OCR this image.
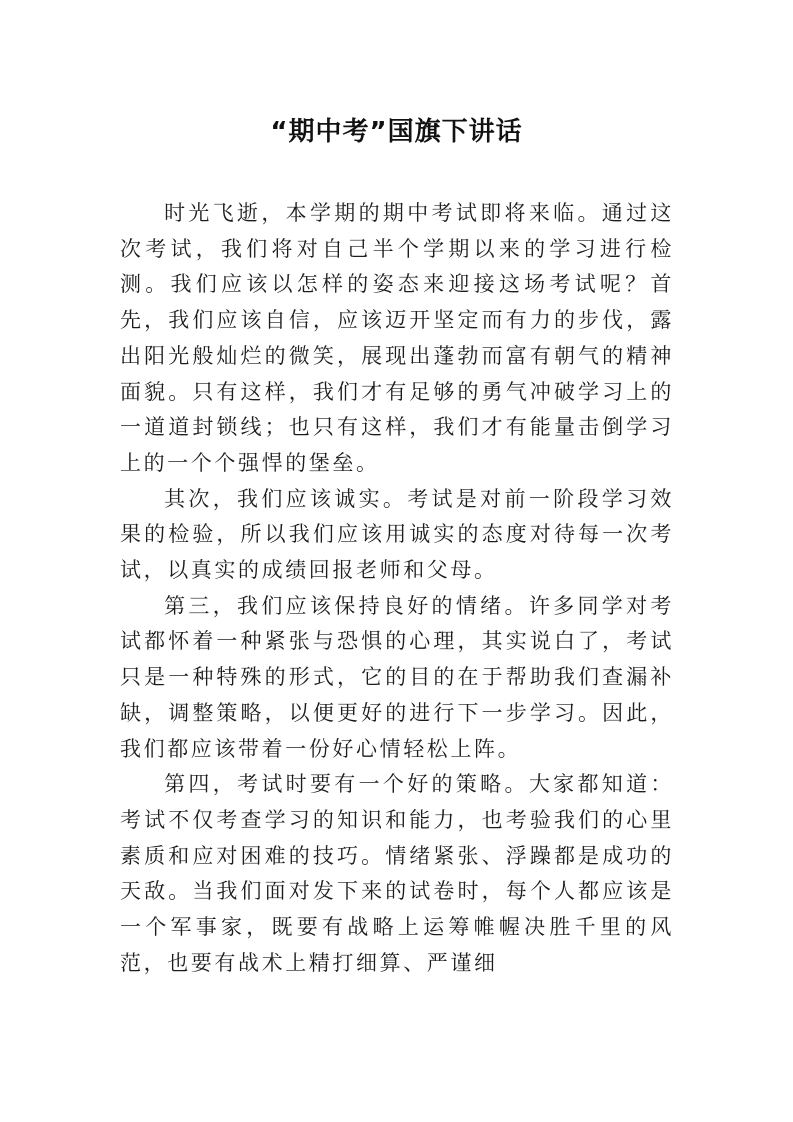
“期中考”国旗下讲话

时光飞逝，本学期的期中考试即将来临。通过这次考试，我们将对自己半个学期以来的学习进行检测。我们应该以怎样的姿态来迎接这场考试呢？首先，我们应该自信，应该迈开坚定而有力的步伐，露出阳光般灿烂的微笑，展现出蓬勃而富有朝气的精神面貌。只有这样，我们才有足够的勇气冲破学习上的一道道封锁线；也只有这样，我们才有能量击倒学习上的一个个强悍的堡垒。

其次，我们应该诚实。考试是对前一阶段学习效果的检验，所以我们应该用诚实的态度对待每一次考试，以真实的成绩回报老师和父母。

第三，我们应该保持良好的情绪。许多同学对考试都怀着一种紧张与恐惧的心理，其实说白了，考试只是一种特殊的形式，它的目的在于帮助我们查漏补缺，调整策略，以便更好的进行下一步学习。因此，我们都应该带着一份好心情轻松上阵。

第四，考试时要有一个好的策略。大家都知道：考试不仅考查学习的知识和能力，也考验我们的心里素质和应对困难的技巧。情绪紧张、浮躁都是成功的天敌。当我们面对发下来的试卷时，每个人都应该是一个军事家，既要有战略上运筹帷幄决胜千里的风范，也要有战术上精打细算、严谨细
